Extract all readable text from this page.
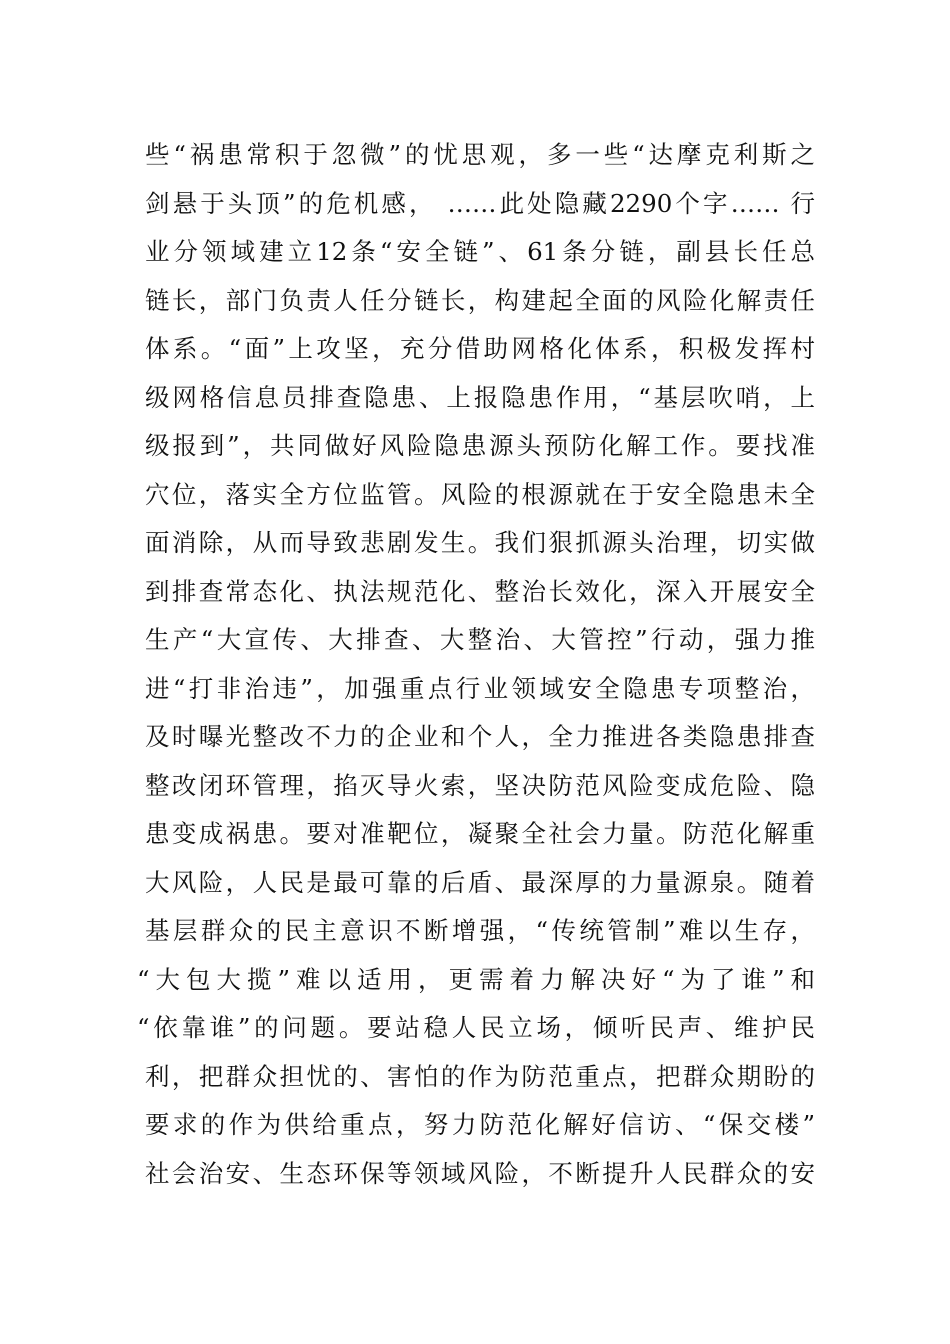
些“祸患常积于忽微”的忧思观，多一些“达摩克利斯之
剑悬于头顶”的危机感， ……此处隐藏2290个字…… 行
业分领域建立12条“安全链”、61条分链，副县长任总
链长，部门负责人任分链长，构建起全面的风险化解责任
体系。“面”上攻坚，充分借助网格化体系，积极发挥村
级网格信息员排查隐患、上报隐患作用，“基层吹哨，上
级报到”，共同做好风险隐患源头预防化解工作。要找准
穴位，落实全方位监管。风险的根源就在于安全隐患未全
面消除，从而导致悲剧发生。我们狠抓源头治理，切实做
到排查常态化、执法规范化、整治长效化，深入开展安全
生产“大宣传、大排查、大整治、大管控”行动，强力推
进“打非治违”，加强重点行业领域安全隐患专项整治，
及时曝光整改不力的企业和个人，全力推进各类隐患排查
整改闭环管理，掐灭导火索，坚决防范风险变成危险、隐
患变成祸患。要对准靶位，凝聚全社会力量。防范化解重
大风险，人民是最可靠的后盾、最深厚的力量源泉。随着
基层群众的民主意识不断增强，“传统管制”难以生存，
“大包大揽”难以适用，更需着力解决好“为了谁”和
“依靠谁”的问题。要站稳人民立场，倾听民声、维护民
利，把群众担忧的、害怕的作为防范重点，把群众期盼的
要求的作为供给重点，努力防范化解好信访、“保交楼”
社会治安、生态环保等领域风险，不断提升人民群众的安
